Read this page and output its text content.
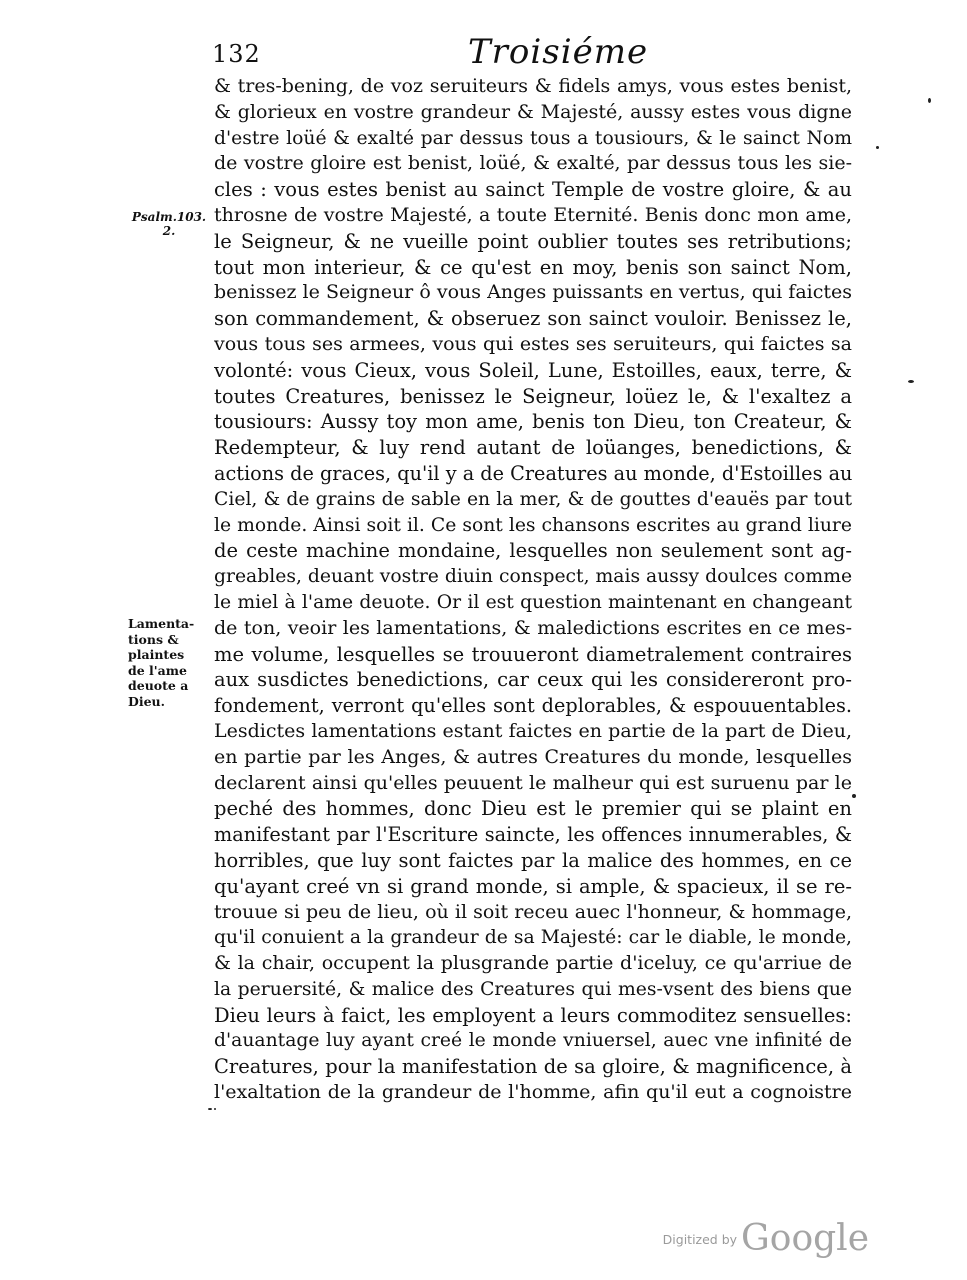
132	Troisiéme
Psalm.103.
2.
Lamenta-
tions &
plaintes
de l'ame
deuote a
Dieu.
& tres-bening, de voz seruiteurs & fidels amys, vous estes benist,
& glorieux en vostre grandeur & Majesté, aussy estes vous digne
d'estre loüé & exalté par dessus tous a tousiours, & le sainct Nom
de vostre gloire est benist, loüé, & exalté, par dessus tous les sie-
cles : vous estes benist au sainct Temple de vostre gloire, & au
throsne de vostre Majesté, a toute Eternité. Benis donc mon ame,
le Seigneur, & ne vueille point oublier toutes ses retributions;
tout mon interieur, & ce qu'est en moy, benis son sainct Nom,
benissez le Seigneur ô vous Anges puissants en vertus, qui faictes
son commandement, & obseruez son sainct vouloir. Benissez le,
vous tous ses armees, vous qui estes ses seruiteurs, qui faictes sa
volonté: vous Cieux, vous Soleil, Lune, Estoilles, eaux, terre, &
toutes Creatures, benissez le Seigneur, loüez le, & l'exaltez a
tousiours: Aussy toy mon ame, benis ton Dieu, ton Createur, &
Redempteur, & luy rend autant de loüanges, benedictions, &
actions de graces, qu'il y a de Creatures au monde, d'Estoilles au
Ciel, & de grains de sable en la mer, & de gouttes d'eauës par tout
le monde. Ainsi soit il. Ce sont les chansons escrites au grand liure
de ceste machine mondaine, lesquelles non seulement sont ag-
greables, deuant vostre diuin conspect, mais aussy doulces comme
le miel à l'ame deuote. Or il est question maintenant en changeant
de ton, veoir les lamentations, & maledictions escrites en ce mes-
me volume, lesquelles se trouueront diametralement contraires
aux susdictes benedictions, car ceux qui les considereront pro-
fondement, verront qu'elles sont deplorables, & espouuentables.
Lesdictes lamentations estant faictes en partie de la part de Dieu,
en partie par les Anges, & autres Creatures du monde, lesquelles
declarent ainsi qu'elles peuuent le malheur qui est suruenu par le
peché des hommes, donc Dieu est le premier qui se plaint en
manifestant par l'Escriture saincte, les offences innumerables, &
horribles, que luy sont faictes par la malice des hommes, en ce
qu'ayant creé vn si grand monde, si ample, & spacieux, il se re-
trouue si peu de lieu, où il soit receu auec l'honneur, & hommage,
qu'il conuient a la grandeur de sa Majesté: car le diable, le monde,
& la chair, occupent la plusgrande partie d'iceluy, ce qu'arriue de
la peruersité, & malice des Creatures qui mes-vsent des biens que
Dieu leurs à faict, les employent a leurs commoditez sensuelles:
d'auantage luy ayant creé le monde vniuersel, auec vne infinité de
Creatures, pour la manifestation de sa gloire, & magnificence, à
l'exaltation de la grandeur de l'homme, afin qu'il eut a cognoistre
$^{Digitized by}$ Google
